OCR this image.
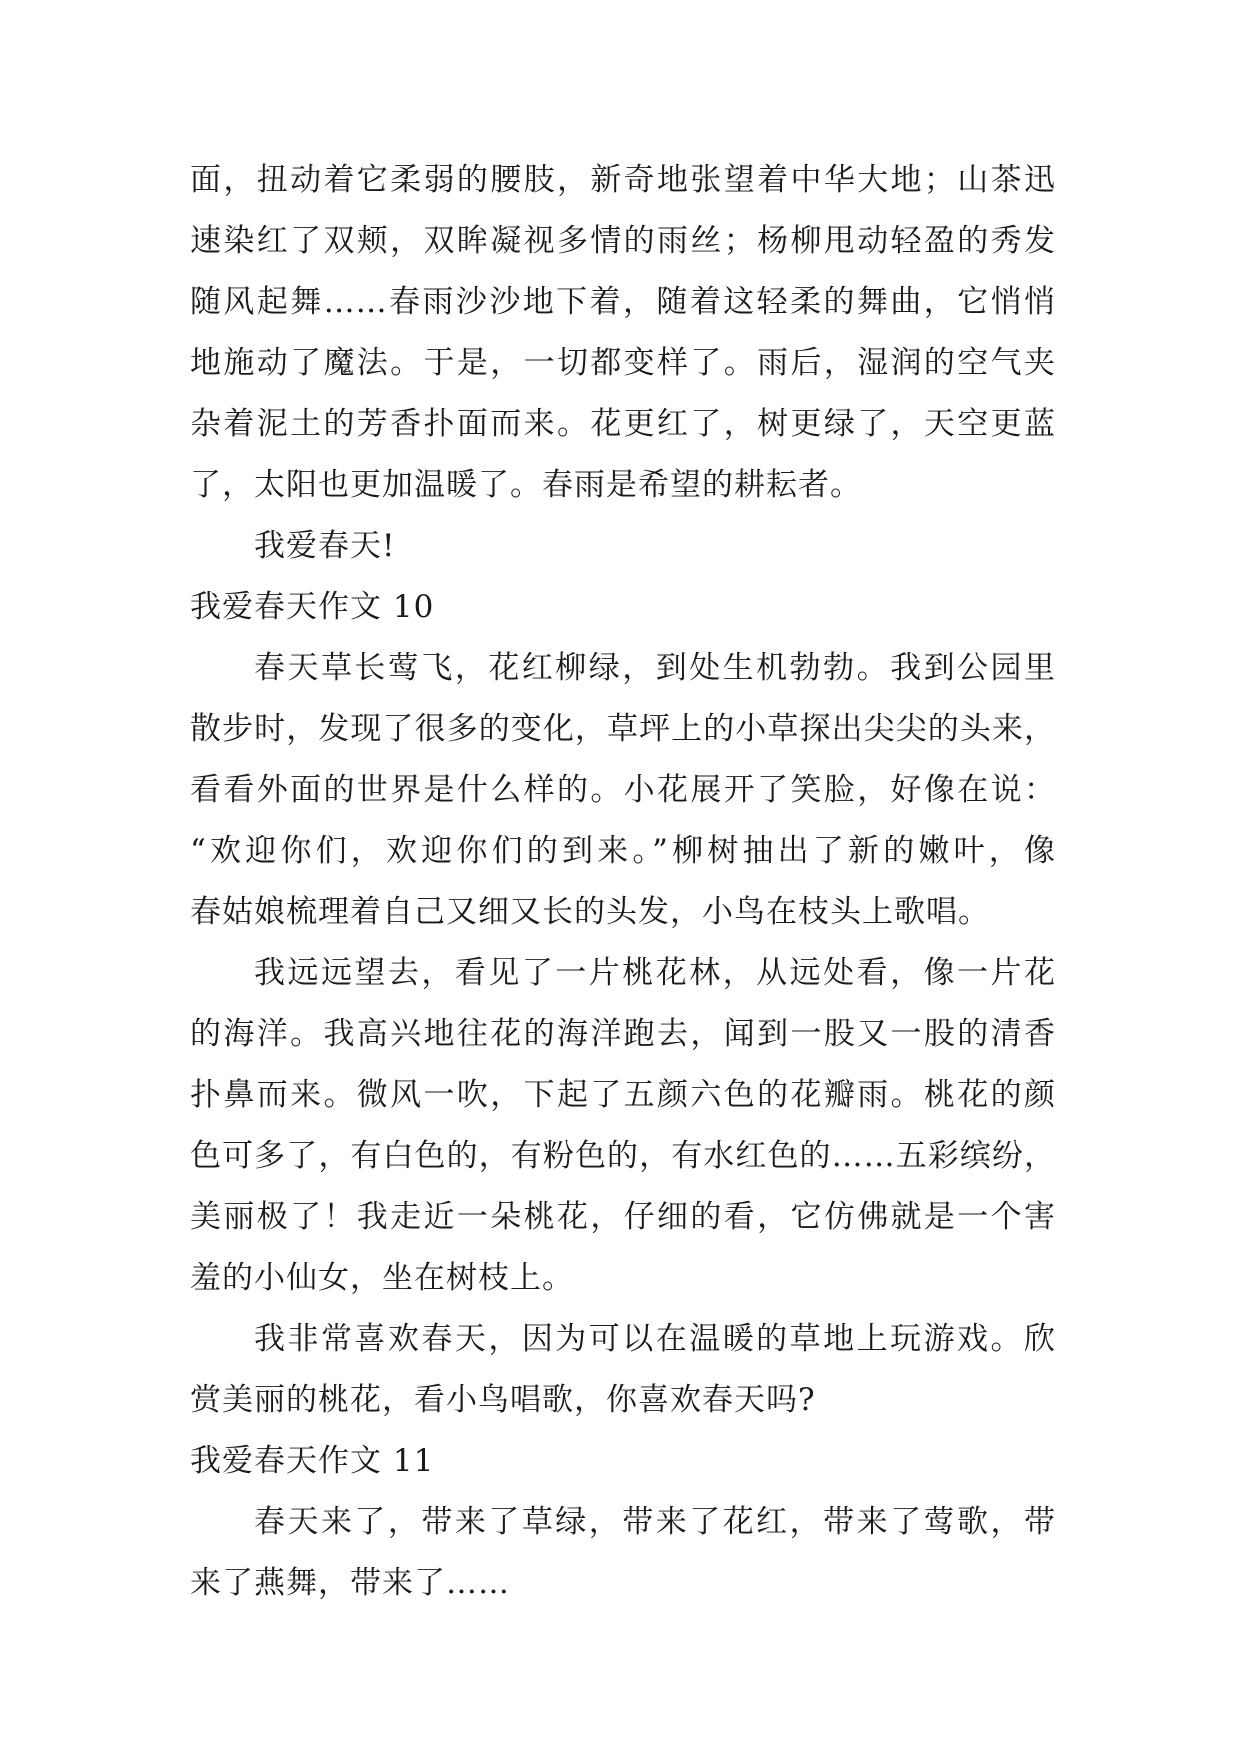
面，扭动着它柔弱的腰肢，新奇地张望着中华大地；山茶迅
速染红了双颊，双眸凝视多情的雨丝；杨柳甩动轻盈的秀发
随风起舞……春雨沙沙地下着，随着这轻柔的舞曲，它悄悄
地施动了魔法。于是，一切都变样了。雨后，湿润的空气夹
杂着泥土的芳香扑面而来。花更红了，树更绿了，天空更蓝
了，太阳也更加温暖了。春雨是希望的耕耘者。
我爱春天!
我爱春天作文 10
春天草长莺飞，花红柳绿，到处生机勃勃。我到公园里
散步时，发现了很多的变化，草坪上的小草探出尖尖的头来，
看看外面的世界是什么样的。小花展开了笑脸，好像在说：
“欢迎你们，欢迎你们的到来。”柳树抽出了新的嫩叶，像
春姑娘梳理着自己又细又长的头发，小鸟在枝头上歌唱。
我远远望去，看见了一片桃花林，从远处看，像一片花
的海洋。我高兴地往花的海洋跑去，闻到一股又一股的清香
扑鼻而来。微风一吹，下起了五颜六色的花瓣雨。桃花的颜
色可多了，有白色的，有粉色的，有水红色的……五彩缤纷，
美丽极了！我走近一朵桃花，仔细的看，它仿佛就是一个害
羞的小仙女，坐在树枝上。
我非常喜欢春天，因为可以在温暖的草地上玩游戏。欣
赏美丽的桃花，看小鸟唱歌，你喜欢春天吗?
我爱春天作文 11
春天来了，带来了草绿，带来了花红，带来了莺歌，带
来了燕舞，带来了……
